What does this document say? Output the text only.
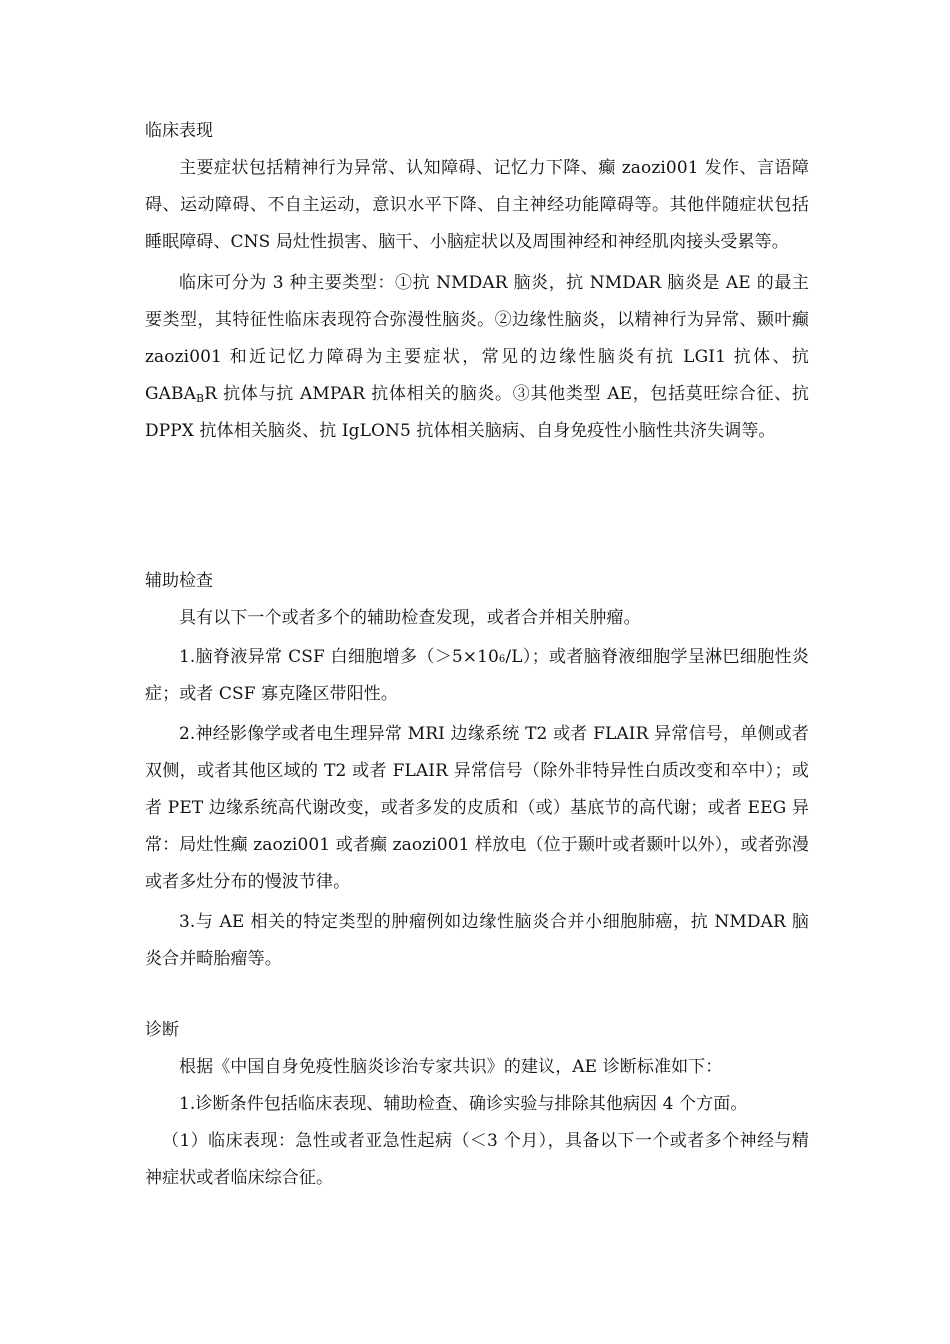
临床表现

主要症状包括精神行为异常、认知障碍、记忆力下降、癫 zaozi001 发作、言语障碍、运动障碍、不自主运动，意识水平下降、自主神经功能障碍等。其他伴随症状包括睡眠障碍、CNS 局灶性损害、脑干、小脑症状以及周围神经和神经肌肉接头受累等。

临床可分为 3 种主要类型：①抗 NMDAR 脑炎，抗 NMDAR 脑炎是 AE 的最主要类型，其特征性临床表现符合弥漫性脑炎。②边缘性脑炎，以精神行为异常、颞叶癫 zaozi001 和近记忆力障碍为主要症状，常见的边缘性脑炎有抗 LGI1 抗体、抗 $GABA_BR$ 抗体与抗 AMPAR 抗体相关的脑炎。③其他类型 AE，包括莫旺综合征、抗 DPPX 抗体相关脑炎、抗 IgLON5 抗体相关脑病、自身免疫性小脑性共济失调等。

辅助检查

具有以下一个或者多个的辅助检查发现，或者合并相关肿瘤。

1.脑脊液异常 CSF 白细胞增多（＞5×106/L）；或者脑脊液细胞学呈淋巴细胞性炎症；或者 CSF 寡克隆区带阳性。

2.神经影像学或者电生理异常 MRI 边缘系统 T2 或者 FLAIR 异常信号，单侧或者双侧，或者其他区域的 T2 或者 FLAIR 异常信号（除外非特异性白质改变和卒中）；或者 PET 边缘系统高代谢改变，或者多发的皮质和（或）基底节的高代谢；或者 EEG 异常：局灶性癫 zaozi001 或者癫 zaozi001 样放电（位于颞叶或者颞叶以外），或者弥漫或者多灶分布的慢波节律。

3.与 AE 相关的特定类型的肿瘤例如边缘性脑炎合并小细胞肺癌，抗 NMDAR 脑炎合并畸胎瘤等。

诊断

根据《中国自身免疫性脑炎诊治专家共识》的建议，AE 诊断标准如下：

1.诊断条件包括临床表现、辅助检查、确诊实验与排除其他病因 4 个方面。

（1）临床表现：急性或者亚急性起病（＜3 个月），具备以下一个或者多个神经与精神症状或者临床综合征。
